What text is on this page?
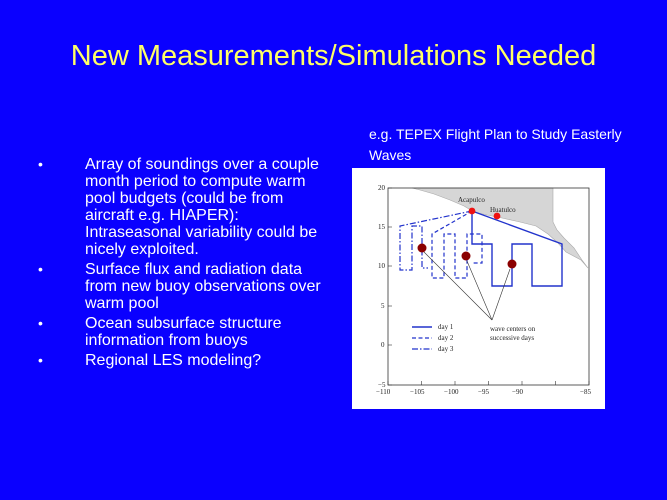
New Measurements/Simulations Needed
•	Array of soundings over a couple month period to compute warm pool budgets (could be from aircraft e.g. HIAPER): Intraseasonal variability could be nicely exploited.
•	Surface flux and radiation data from new buoy observations over warm pool
•	Ocean subsurface structure information from buoys
•	Regional LES modeling?
e.g. TEPEX Flight Plan to Study Easterly Waves
−110	−105	−100	−95	−90	−85
20
15
10
5
0
−5
Acapulco
Huatulco
wave centers on
successive days
day 1
day 2
day 3
